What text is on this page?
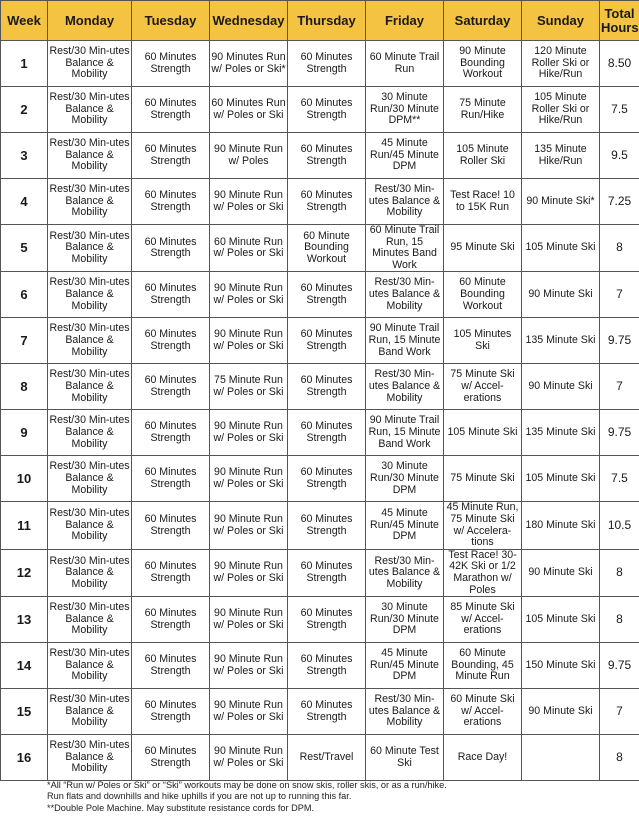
Week	Monday	Tuesday	Wednesday	Thursday	Friday	Saturday	Sunday	Total Hours
1	Rest/30 Min-utes Balance & Mobility	60 Minutes Strength	90 Minutes Run w/ Poles or Ski*	60 Minutes Strength	60 Minute Trail Run	90 Minute Bounding Workout	120 Minute Roller Ski or Hike/Run	8.50
2	Rest/30 Min-utes Balance & Mobility	60 Minutes Strength	60 Minutes Run w/ Poles or Ski	60 Minutes Strength	30 Minute Run/30 Minute DPM**	75 Minute Run/Hike	105 Minute Roller Ski or Hike/Run	7.5
3	Rest/30 Min-utes Balance & Mobility	60 Minutes Strength	90 Minute Run w/ Poles	60 Minutes Strength	45 Minute Run/45 Minute DPM	105 Minute Roller Ski	135 Minute Hike/Run	9.5
4	Rest/30 Min-utes Balance & Mobility	60 Minutes Strength	90 Minute Run w/ Poles or Ski	60 Minutes Strength	Rest/30 Min-utes Balance & Mobility	Test Race! 10 to 15K Run	90 Minute Ski*	7.25
5	Rest/30 Min-utes Balance & Mobility	60 Minutes Strength	60 Minute Run w/ Poles or Ski	60 Minute Bounding Workout	60 Minute Trail Run, 15 Minutes Band Work	95 Minute Ski	105 Minute Ski	8
6	Rest/30 Min-utes Balance & Mobility	60 Minutes Strength	90 Minute Run w/ Poles or Ski	60 Minutes Strength	Rest/30 Min-utes Balance & Mobility	60 Minute Bounding Workout	90 Minute Ski	7
7	Rest/30 Min-utes Balance & Mobility	60 Minutes Strength	90 Minute Run w/ Poles or Ski	60 Minutes Strength	90 Minute Trail Run, 15 Minute Band Work	105 Minutes Ski	135 Minute Ski	9.75
8	Rest/30 Min-utes Balance & Mobility	60 Minutes Strength	75 Minute Run w/ Poles or Ski	60 Minutes Strength	Rest/30 Min-utes Balance & Mobility	75 Minute Ski w/ Accel-erations	90 Minute Ski	7
9	Rest/30 Min-utes Balance & Mobility	60 Minutes Strength	90 Minute Run w/ Poles or Ski	60 Minutes Strength	90 Minute Trail Run, 15 Minute Band Work	105 Minute Ski	135 Minute Ski	9.75
10	Rest/30 Min-utes Balance & Mobility	60 Minutes Strength	90 Minute Run w/ Poles or Ski	60 Minutes Strength	30 Minute Run/30 Minute DPM	75 Minute Ski	105 Minute Ski	7.5
11	Rest/30 Min-utes Balance & Mobility	60 Minutes Strength	90 Minute Run w/ Poles or Ski	60 Minutes Strength	45 Minute Run/45 Minute DPM	45 Minute Run, 75 Minute Ski w/ Accelera-tions	180 Minute Ski	10.5
12	Rest/30 Min-utes Balance & Mobility	60 Minutes Strength	90 Minute Run w/ Poles or Ski	60 Minutes Strength	Rest/30 Min-utes Balance & Mobility	Test Race! 30-42K Ski or 1/2 Marathon w/ Poles	90 Minute Ski	8
13	Rest/30 Min-utes Balance & Mobility	60 Minutes Strength	90 Minute Run w/ Poles or Ski	60 Minutes Strength	30 Minute Run/30 Minute DPM	85 Minute Ski w/ Accel-erations	105 Minute Ski	8
14	Rest/30 Min-utes Balance & Mobility	60 Minutes Strength	90 Minute Run w/ Poles or Ski	60 Minutes Strength	45 Minute Run/45 Minute DPM	60 Minute Bounding, 45 Minute Run	150 Minute Ski	9.75
15	Rest/30 Min-utes Balance & Mobility	60 Minutes Strength	90 Minute Run w/ Poles or Ski	60 Minutes Strength	Rest/30 Min-utes Balance & Mobility	60 Minute Ski w/ Accel-erations	90 Minute Ski	7
16	Rest/30 Min-utes Balance & Mobility	60 Minutes Strength	90 Minute Run w/ Poles or Ski	Rest/Travel	60 Minute Test Ski	Race Day!		8
*All “Run w/ Poles or Ski” or “Ski” workouts may be done on snow skis, roller skis, or as a run/hike.
Run flats and downhills and hike uphills if you are not up to running this far.
**Double Pole Machine. May substitute resistance cords for DPM.
